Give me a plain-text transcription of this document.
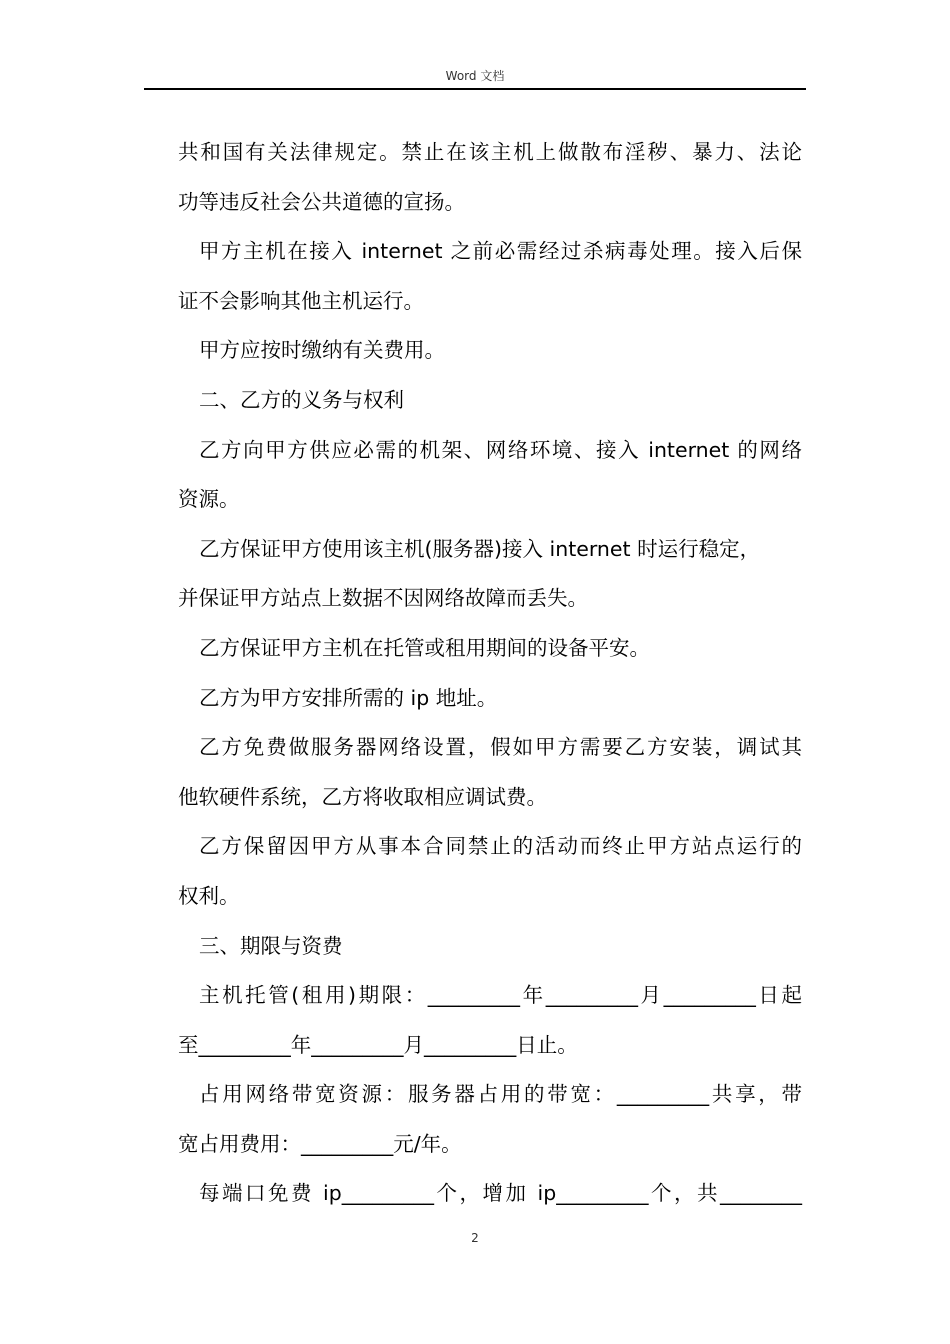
Word 文档
共和国有关法律规定。禁止在该主机上做散布淫秽、暴力、法论
功等违反社会公共道德的宣扬。
甲方主机在接入 internet 之前必需经过杀病毒处理。接入后保
证不会影响其他主机运行。
甲方应按时缴纳有关费用。
二、乙方的义务与权利
乙方向甲方供应必需的机架、网络环境、接入 internet 的网络
资源。
乙方保证甲方使用该主机(服务器)接入 internet 时运行稳定，
并保证甲方站点上数据不因网络故障而丢失。
乙方保证甲方主机在托管或租用期间的设备平安。
乙方为甲方安排所需的 ip 地址。
乙方免费做服务器网络设置，假如甲方需要乙方安装，调试其
他软硬件系统，乙方将收取相应调试费。
乙方保留因甲方从事本合同禁止的活动而终止甲方站点运行的
权利。
三、期限与资费
主机托管(租用)期限：_________年_________月_________日起
至_________年_________月_________日止。
占用网络带宽资源：服务器占用的带宽：_________共享，带
宽占用费用：_________元/年。
每端口免费 ip_________个，增加 ip_________个，共________
2
